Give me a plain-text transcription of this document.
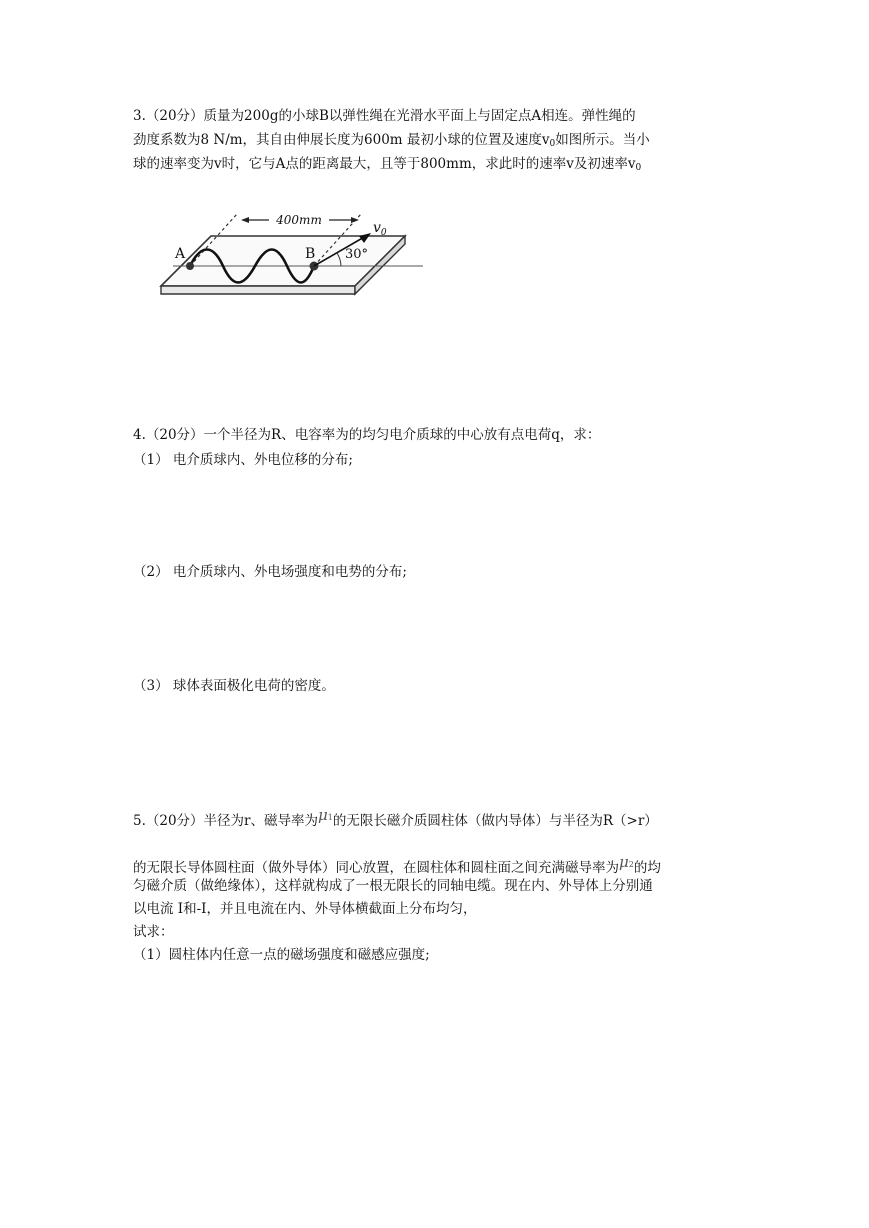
3.（20分）质量为200g的小球B以弹性绳在光滑水平面上与固定点A相连。弹性绳的
劲度系数为8 N/m，其自由伸展长度为600m 最初小球的位置及速度$v_0$如图所示。当小
球的速率变为v时，它与A点的距离最大，且等于800mm，求此时的速率v及初速率$v_0$
400mm
A	B
$v_0$
30°
4.（20分）一个半径为R、电容率为的均匀电介质球的中心放有点电荷q，求：
（1） 电介质球内、外电位移的分布;
（2） 电介质球内、外电场强度和电势的分布;
（3） 球体表面极化电荷的密度。
5.（20分）半径为r、磁导率为μ1的无限长磁介质圆柱体（做内导体）与半径为R（>r）
的无限长导体圆柱面（做外导体）同心放置，在圆柱体和圆柱面之间充满磁导率为μ2的均
匀磁介质（做绝缘体），这样就构成了一根无限长的同轴电缆。现在内、外导体上分别通
以电流 I和-I，并且电流在内、外导体横截面上分布均匀，
试求：
（1）圆柱体内任意一点的磁场强度和磁感应强度;
